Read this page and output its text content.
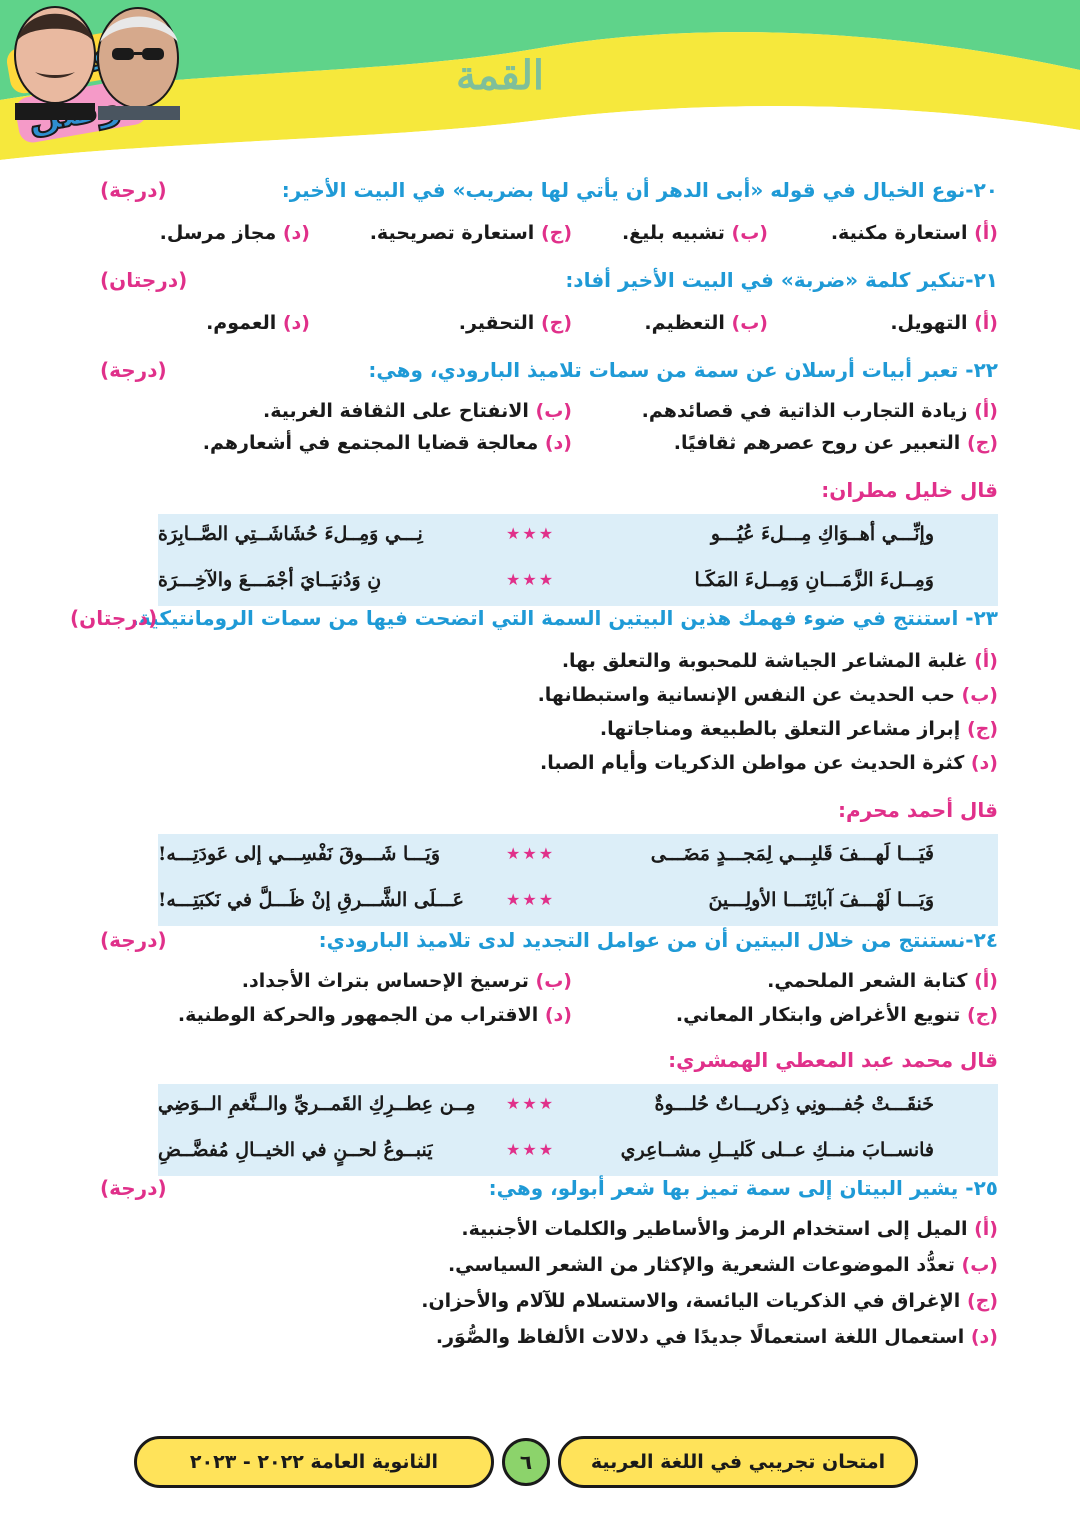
القمة
٢٠-نوع الخيال في قوله «أبى الدهر أن يأتي لها بضريب» في البيت الأخير:
(درجة)
(أ) استعارة مكنية.
(ب) تشبيه بليغ.
(ج) استعارة تصريحية.
(د) مجاز مرسل.
٢١-تنكير كلمة «ضربة» في البيت الأخير أفاد:
(درجتان)
(أ) التهويل.
(ب) التعظيم.
(ج) التحقير.
(د) العموم.
٢٢- تعبر أبيات أرسلان عن سمة من سمات تلاميذ البارودي، وهي:
(درجة)
(أ) زيادة التجارب الذاتية في قصائدهم.
(ب) الانفتاح على الثقافة الغربية.
(ج) التعبير عن روح عصرهم ثقافيًا.
(د) معالجة قضايا المجتمع في أشعارهم.
قال خليل مطران:
وإنِّـــي أهــوَاكِ مِـــلءَ عُيُـــو
★★★
نِـــي وَمِــلءَ حُشَاشَــتِي الصَّــابِرَة
وَمِــلءَ الزَّمَـــانِ وَمِــلءَ المَكَـا
★★★
نِ وَدُنيَــايَ أجْمَـــعَ والآخِـــرَة
٢٣- استنتج في ضوء فهمك هذين البيتين السمة التي اتضحت فيها من سمات الرومانتيكية.
(درجتان)
(أ) غلبة المشاعر الجياشة للمحبوبة والتعلق بها.
(ب) حب الحديث عن النفس الإنسانية واستبطانها.
(ج) إبراز مشاعر التعلق بالطبيعة ومناجاتها.
(د) كثرة الحديث عن مواطن الذكريات وأيام الصبا.
قال أحمد محرم:
فَيَـــا لَهـــفَ قَلبِـــي لِمَجـــدٍ مَضَـــى
★★★
وَيَـــا شَـــوقَ نَفْسِـــي إلى عَودَتِـــه!
وَيَـــا لَهْـــفَ آبائِنَـــا الأولِـــينَ
★★★
عَـــلَى الشَّـــرقِ إنْ ظَـــلَّ في نَكبَتِـــه!
٢٤-نستنتج من خلال البيتين أن من عوامل التجديد لدى تلاميذ البارودي:
(درجة)
(أ) كتابة الشعر الملحمي.
(ب) ترسيخ الإحساس بتراث الأجداد.
(ج) تنويع الأغراض وابتكار المعاني.
(د) الاقتراب من الجمهور والحركة الوطنية.
قال محمد عبد المعطي الهمشري:
خَنقَـــتْ جُفـــونِي ذِكريـــاتٌ حُلـــوةٌ
★★★
مِــن عِطــرِكِ القَمــريِّ والــنَّغمِ الــوَضِي
فانســابَ منــكِ عــلى كَليــلِ مشــاعِري
★★★
يَنبــوعُ لحــنٍ في الخيــالِ مُفضَّــضِ
٢٥- يشير البيتان إلى سمة تميز بها شعر أبولو، وهي:
(درجة)
(أ) الميل إلى استخدام الرمز والأساطير والكلمات الأجنبية.
(ب) تعدُّد الموضوعات الشعرية والإكثار من الشعر السياسي.
(ج) الإغراق في الذكريات اليائسة، والاستسلام للآلام والأحزان.
(د) استعمال اللغة استعمالًا جديدًا في دلالات الألفاظ والصُّوَر.
امتحان تجريبي في اللغة العربية
٦
الثانوية العامة ٢٠٢٢ - ٢٠٢٣
